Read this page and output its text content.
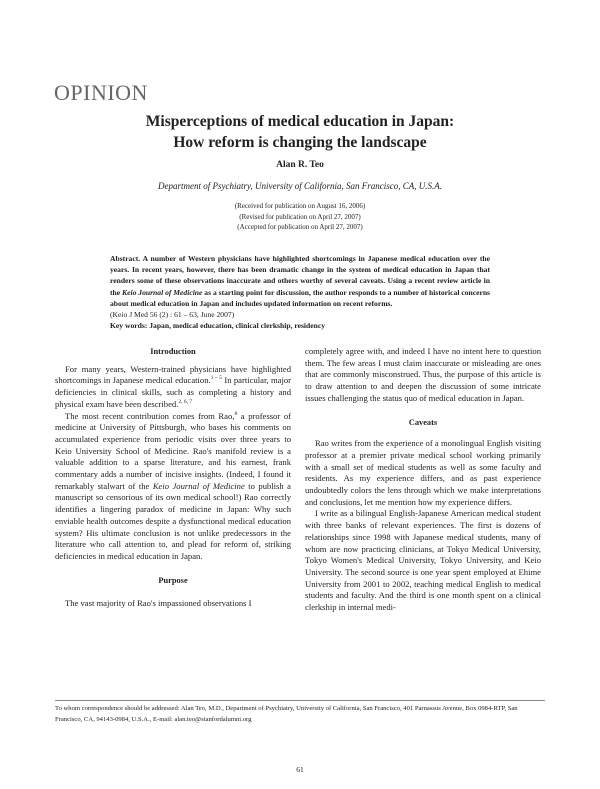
OPINION
Misperceptions of medical education in Japan:
How reform is changing the landscape
Alan R. Teo
Department of Psychiatry, University of California, San Francisco, CA, U.S.A.
(Received for publication on August 16, 2006)
(Revised for publication on April 27, 2007)
(Accepted for publication on April 27, 2007)
Abstract. A number of Western physicians have highlighted shortcomings in Japanese medical education over the years. In recent years, however, there has been dramatic change in the system of medical education in Japan that renders some of these observations inaccurate and others worthy of several caveats. Using a recent review article in the Keio Journal of Medicine as a starting point for discussion, the author responds to a number of historical concerns about medical education in Japan and includes updated information on recent reforms.
(Keio J Med 56 (2) : 61 – 63, June 2007)
Key words: Japan, medical education, clinical clerkship, residency
Introduction

For many years, Western-trained physicians have highlighted shortcomings in Japanese medical education.$^{1 - 5}$ In particular, major deficiencies in clinical skills, such as completing a history and physical exam have been described.$^{2, 6, 7}$

The most recent contribution comes from Rao,$^8$ a professor of medicine at University of Pittsburgh, who bases his comments on accumulated experience from periodic visits over three years to Keio University School of Medicine. Rao's manifold review is a valuable addition to a sparse literature, and his earnest, frank commentary adds a number of incisive insights. (Indeed, I found it remarkably stalwart of the Keio Journal of Medicine to publish a manuscript so censorious of its own medical school!) Rao correctly identifies a lingering paradox of medicine in Japan: Why such enviable health outcomes despite a dysfunctional medical education system? His ultimate conclusion is not unlike predecessors in the literature who call attention to, and plead for reform of, striking deficiencies in medical education in Japan.

Purpose

The vast majority of Rao's impassioned observations I

completely agree with, and indeed I have no intent here to question them. The few areas I must claim inaccurate or misleading are ones that are commonly misconstrued. Thus, the purpose of this article is to draw attention to and deepen the discussion of some intricate issues challenging the status quo of medical education in Japan.

Caveats

Rao writes from the experience of a monolingual English visiting professor at a premier private medical school working primarily with a small set of medical students as well as some faculty and residents. As my experience differs, and as past experience undoubtedly colors the lens through which we make interpretations and conclusions, let me mention how my experience differs.

I write as a bilingual English-Japanese American medical student with three banks of relevant experiences. The first is dozens of relationships since 1998 with Japanese medical students, many of whom are now practicing clinicians, at Tokyo Medical University, Tokyo Women's Medical University, Tokyo University, and Keio University. The second source is one year spent employed at Ehime University from 2001 to 2002, teaching medical English to medical students and faculty. And the third is one month spent on a clinical clerkship in internal medi-

To whom correspondence should be addressed: Alan Teo, M.D., Department of Psychiatry, University of California, San Francisco, 401 Parnassus Avenue, Box 0984-RTP, San Francisco, CA, 94143-0984, U.S.A., E-mail: alan.teo@stanfordalumni.org
61
